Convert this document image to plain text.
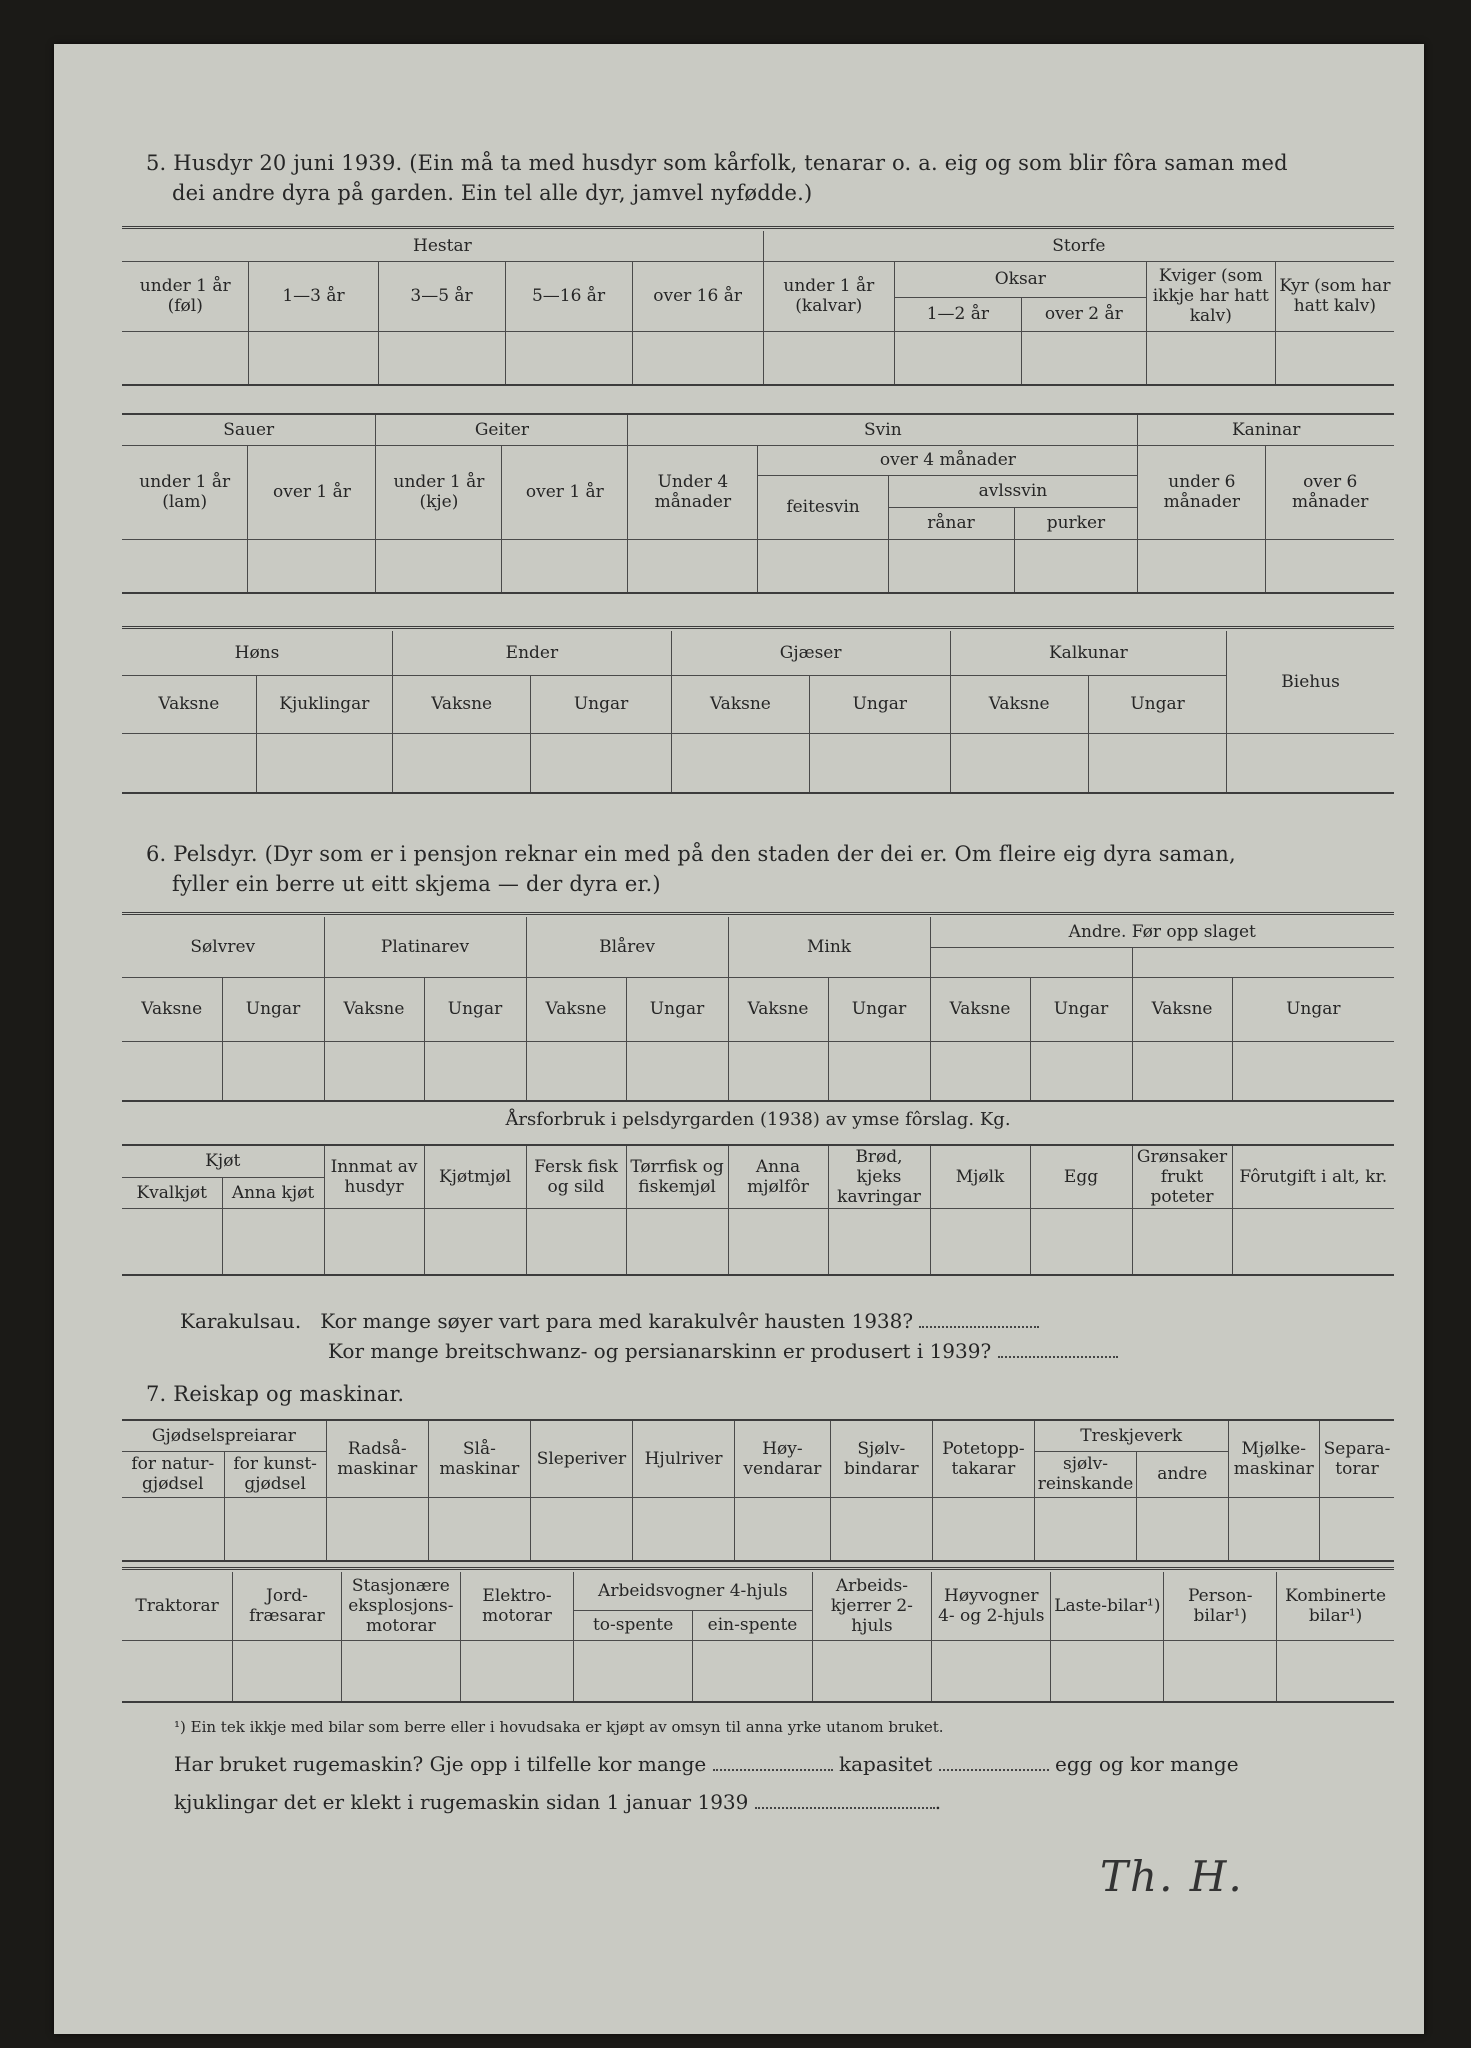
5. Husdyr 20 juni 1939. (Ein må ta med husdyr som kårfolk, tenarar o. a. eig og som blir fôra saman med
dei andre dyra på garden. Ein tel alle dyr, jamvel nyfødde.)
Hestar					Storfe				
under 1 år (føl)	1—3 år	3—5 år	5—16 år	over 16 år	under 1 år (kalvar)	Oksar		Kviger (som ikkje har hatt kalv)	Kyr (som har hatt kalv)
						1—2 år	over 2 år		

Sauer		Geiter		Svin				Kaninar	
under 1 år (lam)	over 1 år	under 1 år (kje)	over 1 år	Under 4 månader	over 4 månader			under 6 månader	over 6 månader
					feitesvin	avlssvin			
						rånar	purker		

Høns		Ender		Gjæser		Kalkunar		Biehus
Vaksne	Kjuklingar	Vaksne	Ungar	Vaksne	Ungar	Vaksne	Ungar	

6. Pelsdyr. (Dyr som er i pensjon reknar ein med på den staden der dei er. Om fleire eig dyra saman,
fyller ein berre ut eitt skjema — der dyra er.)
Sølvrev		Platinarev		Blårev		Mink		Andre. Før opp slaget			

Vaksne	Ungar	Vaksne	Ungar	Vaksne	Ungar	Vaksne	Ungar	Vaksne	Ungar	Vaksne	Ungar

Årsforbruk i pelsdyrgarden (1938) av ymse fôrslag. Kg.
Kjøt		Innmat av husdyr	Kjøtmjøl	Fersk fisk og sild	Tørrfisk og fiskemjøl	Anna mjølfôr	Brød, kjeks kavringar	Mjølk	Egg	Grønsaker frukt poteter	Fôrutgift i alt, kr.
Kvalkjøt	Anna kjøt										

Karakulsau. Kor mange søyer vart para med karakulvêr hausten 1938?
Kor mange breitschwanz- og persianarskinn er produsert i 1939?
7. Reiskap og maskinar.
Gjødselspreiarar		Radså-maskinar	Slå-maskinar	Sleperiver	Hjulriver	Høy-vendarar	Sjølv-bindarar	Potetopp-takarar	Treskjeverk		Mjølke-maskinar	Separa-torar
for natur-gjødsel	for kunst-gjødsel								sjølv-reinskande	andre		

Traktorar	Jord-fræsarar	Stasjonære eksplosjons-motorar	Elektro-motorar	Arbeidsvogner 4-hjuls		Arbeids-kjerrer 2-hjuls	Høyvogner 4- og 2-hjuls	Laste-bilar¹)	Person-bilar¹)	Kombinerte bilar¹)
				to-spente	ein-spente					

¹) Ein tek ikkje med bilar som berre eller i hovudsaka er kjøpt av omsyn til anna yrke utanom bruket.
Har bruket rugemaskin? Gje opp i tilfelle kor mange	kapasitet	egg og kor mange
kjuklingar det er klekt i rugemaskin sidan 1 januar 1939	.
Th. H.
